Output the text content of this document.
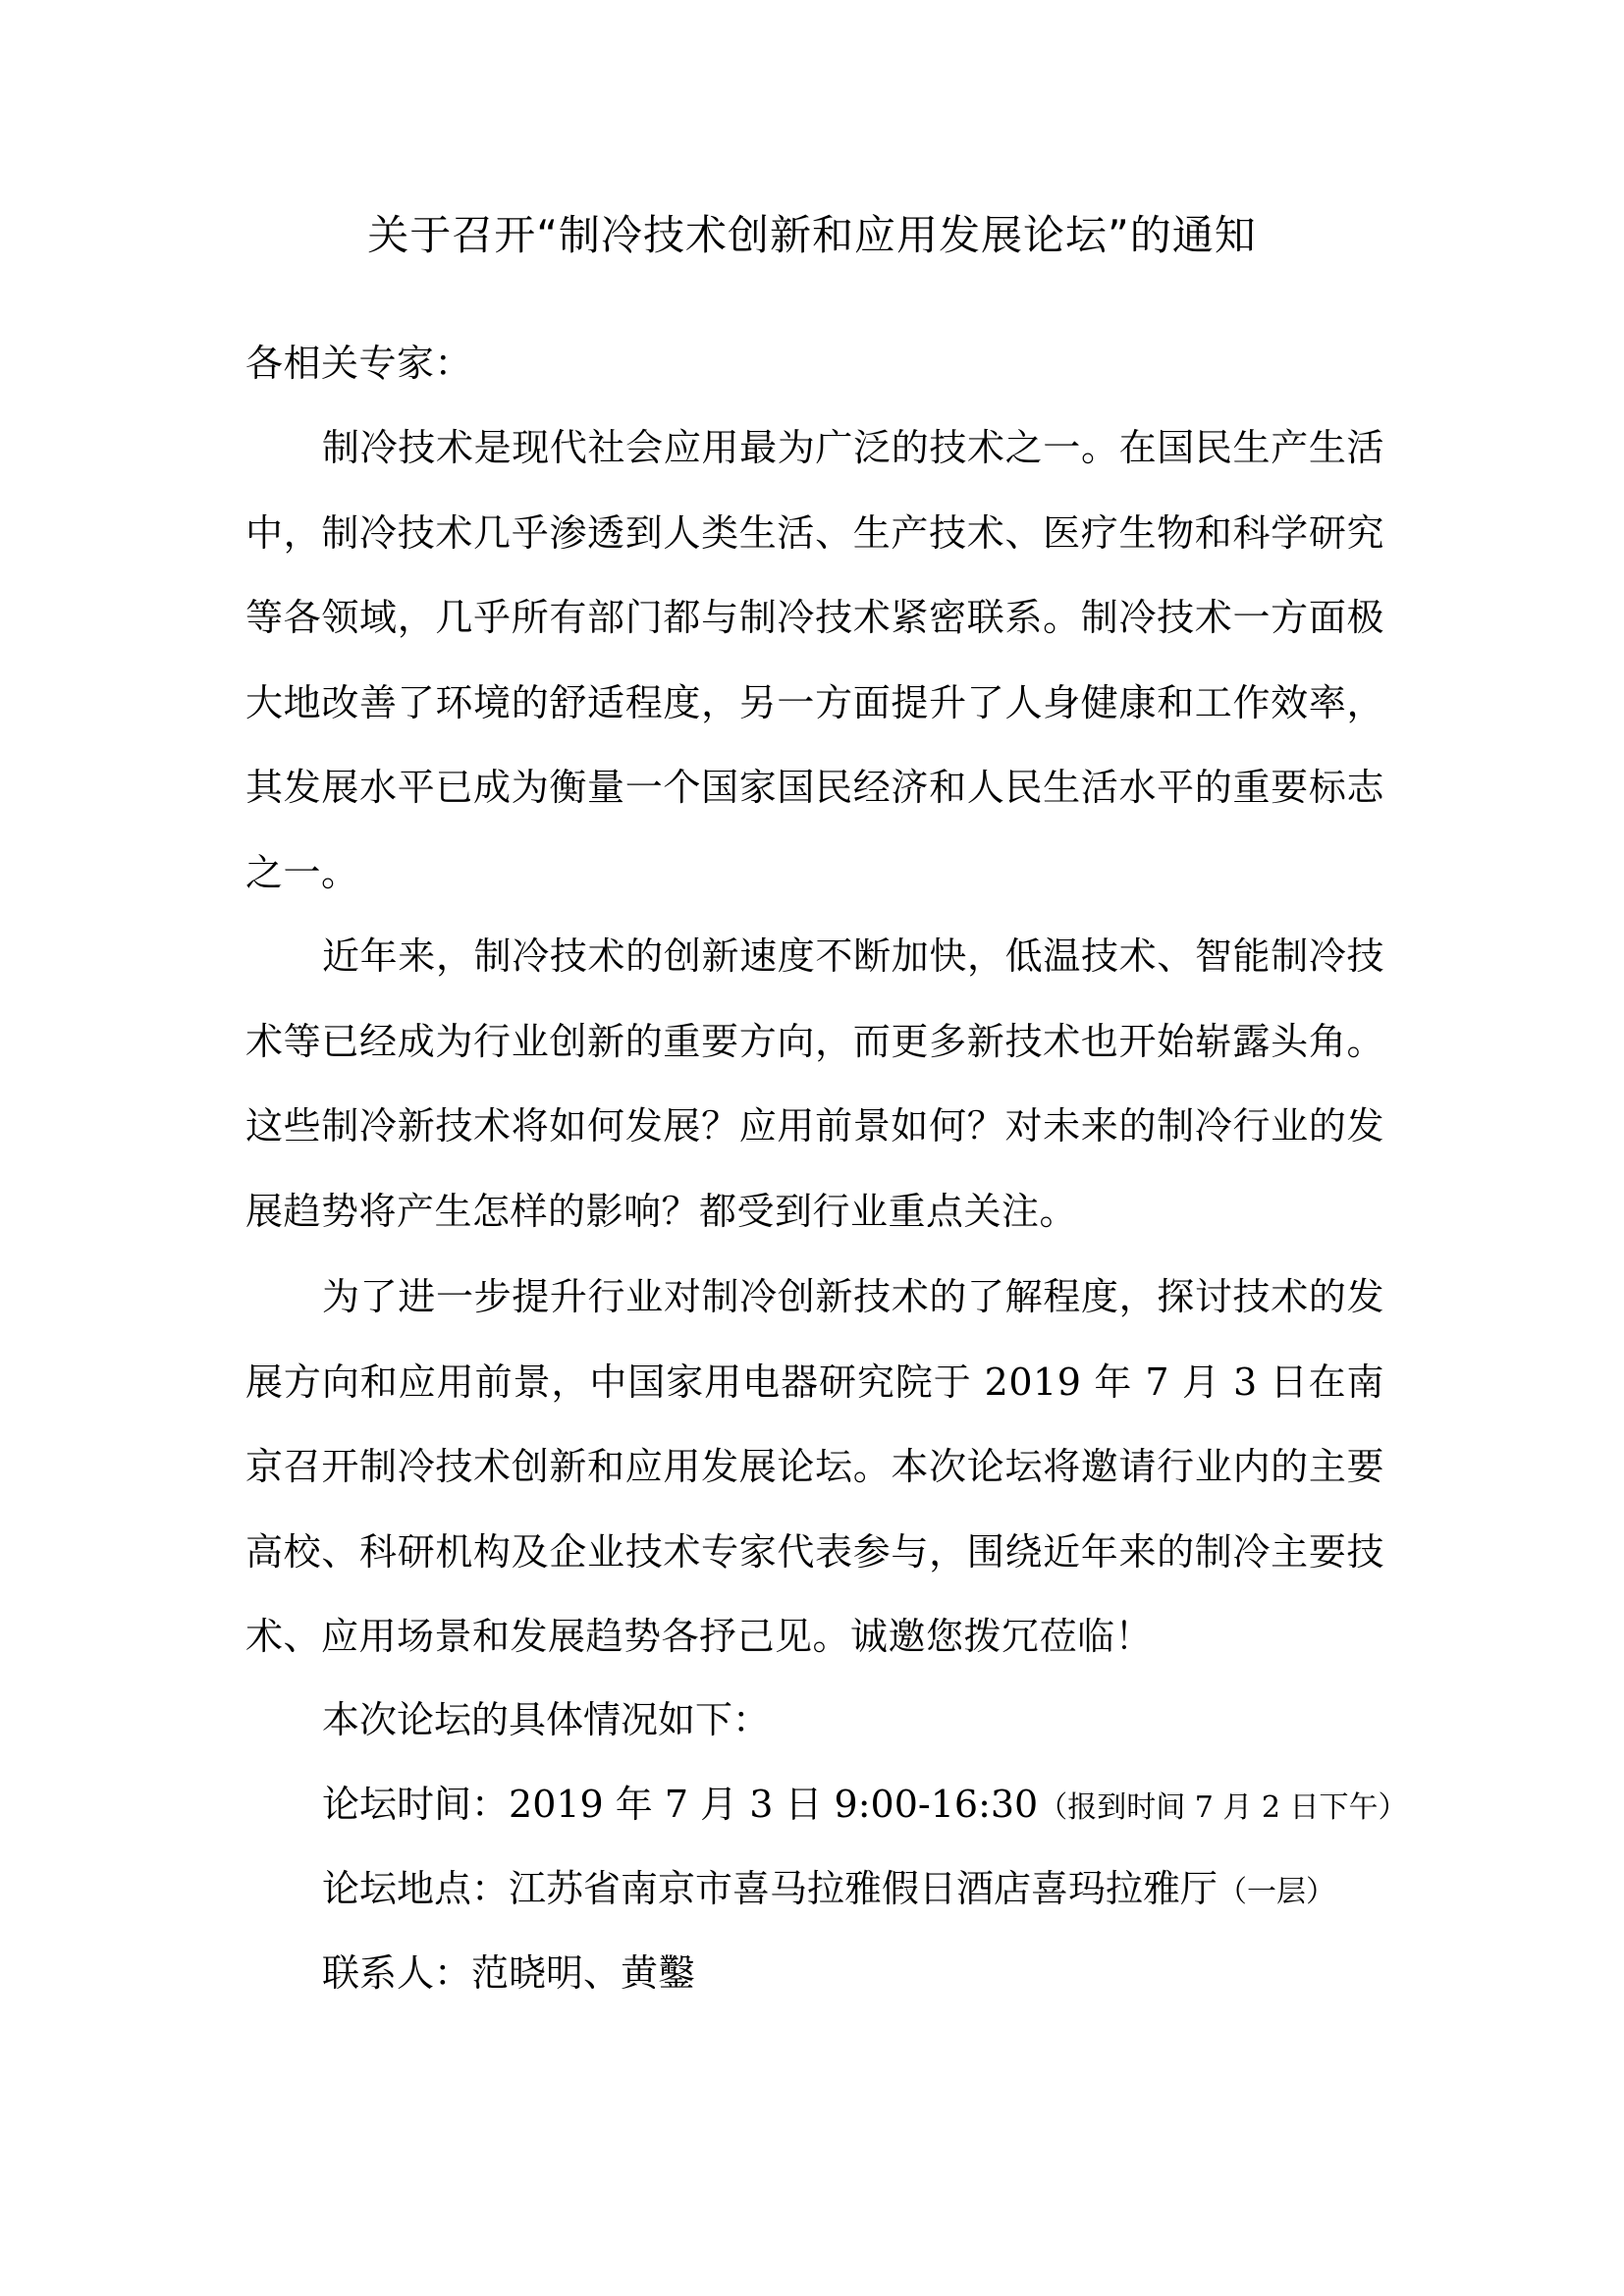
关于召开“制冷技术创新和应用发展论坛”的通知

各相关专家：

制冷技术是现代社会应用最为广泛的技术之一。在国民生产生活中，制冷技术几乎渗透到人类生活、生产技术、医疗生物和科学研究等各领域，几乎所有部门都与制冷技术紧密联系。制冷技术一方面极大地改善了环境的舒适程度，另一方面提升了人身健康和工作效率，其发展水平已成为衡量一个国家国民经济和人民生活水平的重要标志之一。

近年来，制冷技术的创新速度不断加快，低温技术、智能制冷技术等已经成为行业创新的重要方向，而更多新技术也开始崭露头角。这些制冷新技术将如何发展？应用前景如何？对未来的制冷行业的发展趋势将产生怎样的影响？都受到行业重点关注。

为了进一步提升行业对制冷创新技术的了解程度，探讨技术的发展方向和应用前景，中国家用电器研究院于 2019 年 7 月 3 日在南京召开制冷技术创新和应用发展论坛。本次论坛将邀请行业内的主要高校、科研机构及企业技术专家代表参与，围绕近年来的制冷主要技术、应用场景和发展趋势各抒己见。诚邀您拨冗莅临！

本次论坛的具体情况如下：

论坛时间：2019 年 7 月 3 日 9:00-16:30（报到时间 7 月 2 日下午）

论坛地点：江苏省南京市喜马拉雅假日酒店喜玛拉雅厅（一层）

联系人：范晓明、黄鑿
